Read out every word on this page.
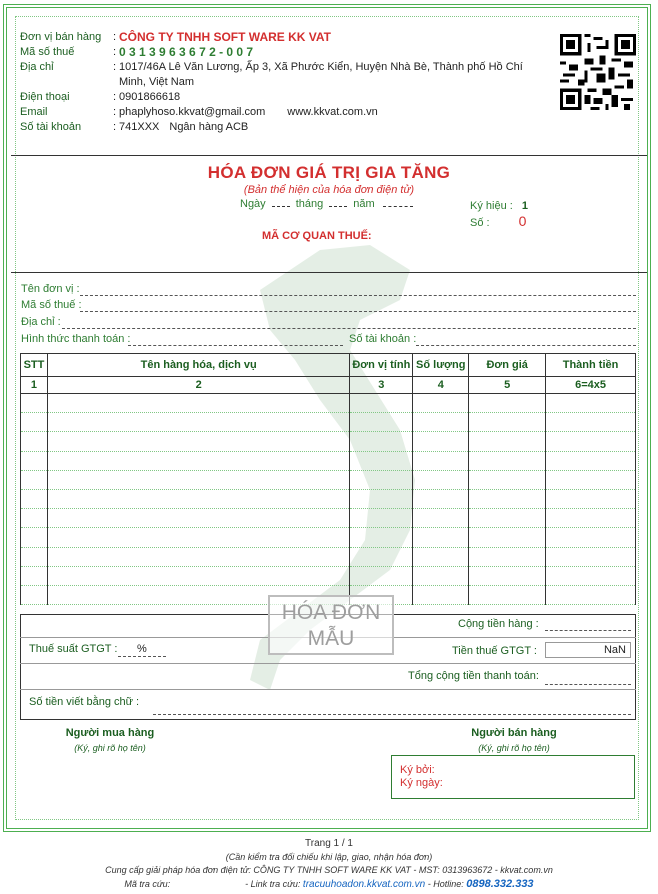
Đơn vị bán hàng	: CÔNG TY TNHH SOFT WARE KK VAT
Mã số thuế	: 0 3 1 3 9 6 3 6 7 2 - 0 0 7
Địa chỉ	: 1017/46A Lê Văn Lương, Ấp 3, Xã Phước Kiển, Huyện Nhà Bè, Thành phố Hồ Chí Minh, Việt Nam
Điện thoại	: 0901866618
Email	: phaplyhoso.kkvat@gmail.com www.kkvat.com.vn
Số tài khoản	: 741XXX Ngân hàng ACB
HÓA ĐƠN GIÁ TRỊ GIA TĂNG
(Bản thể hiện của hóa đơn điện tử)
Ngày	tháng	năm	Ký hiệu : 1
Số : 0
MÃ CƠ QUAN THUẾ:
Tên đơn vị :
Mã số thuế :
Địa chỉ :
Hình thức thanh toán :	Số tài khoản :
STT	Tên hàng hóa, dịch vụ	Đơn vị tính	Số lượng	Đơn giá	Thành tiền
1	2	3	4	5	6=4x5

Cộng tiền hàng :
Thuế suất GTGT : %	Tiền thuế GTGT :	NaN
Tổng cộng tiền thanh toán:
Số tiền viết bằng chữ :
HÓA ĐƠN
MẪU
Người mua hàng
(Ký, ghi rõ họ tên)
Người bán hàng
(Ký, ghi rõ họ tên)
Ký bởi:
Ký ngày:
Trang 1 / 1
(Cần kiểm tra đối chiếu khi lập, giao, nhận hóa đơn)
Cung cấp giải pháp hóa đơn điện tử: CÔNG TY TNHH SOFT WARE KK VAT - MST: 0313963672 - kkvat.com.vn
Mã tra cứu:	- Link tra cứu: tracuuhoadon.kkvat.com.vn - Hotline: 0898.332.333
